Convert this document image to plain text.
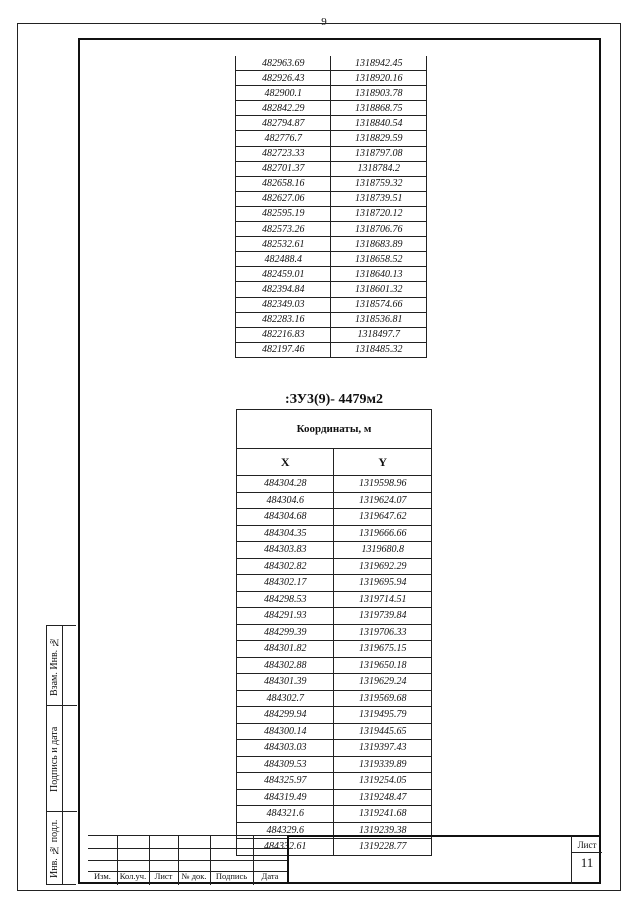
9
482963.69	1318942.45
482926.43	1318920.16
482900.1	1318903.78
482842.29	1318868.75
482794.87	1318840.54
482776.7	1318829.59
482723.33	1318797.08
482701.37	1318784.2
482658.16	1318759.32
482627.06	1318739.51
482595.19	1318720.12
482573.26	1318706.76
482532.61	1318683.89
482488.4	1318658.52
482459.01	1318640.13
482394.84	1318601.32
482349.03	1318574.66
482283.16	1318536.81
482216.83	1318497.7
482197.46	1318485.32
:ЗУ3(9)- 4479м2
Координаты, м	
X	Y
484304.28	1319598.96
484304.6	1319624.07
484304.68	1319647.62
484304.35	1319666.66
484303.83	1319680.8
484302.82	1319692.29
484302.17	1319695.94
484298.53	1319714.51
484291.93	1319739.84
484299.39	1319706.33
484301.82	1319675.15
484302.88	1319650.18
484301.39	1319629.24
484302.7	1319569.68
484299.94	1319495.79
484300.14	1319445.65
484303.03	1319397.43
484309.53	1319339.89
484325.97	1319254.05
484319.49	1319248.47
484321.6	1319241.68
484329.6	1319239.38
484332.61	1319228.77
Взам. Инв. №
Подпись и дата
Инв. № подл.	Изм.	Кол.уч. Лист	№ док.	Подпись	Дата
Лист
11
